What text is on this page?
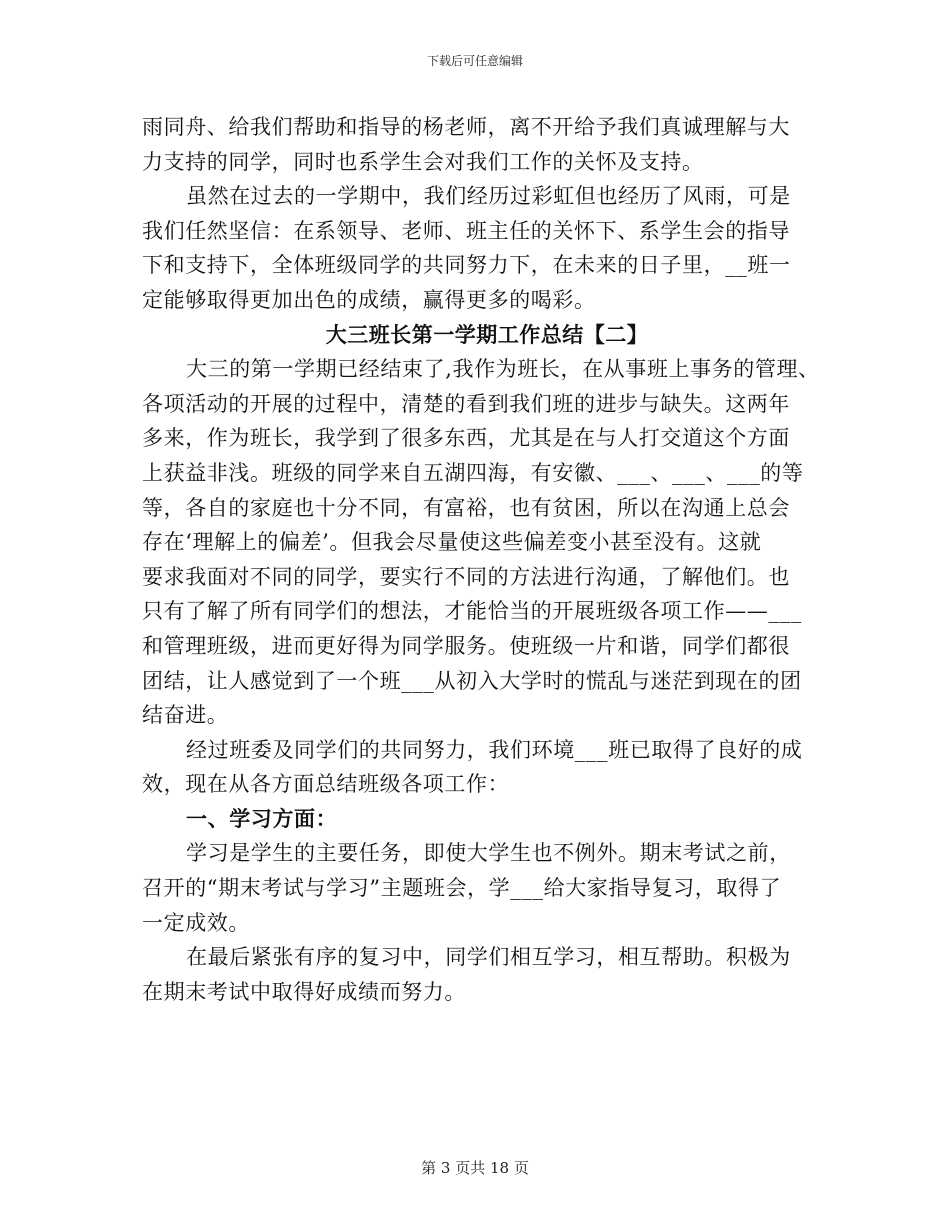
下载后可任意编辑
雨同舟、给我们帮助和指导的杨老师，离不开给予我们真诚理解与大
力支持的同学，同时也系学生会对我们工作的关怀及支持。
虽然在过去的一学期中，我们经历过彩虹但也经历了风雨，可是
我们任然坚信：在系领导、老师、班主任的关怀下、系学生会的指导
下和支持下，全体班级同学的共同努力下，在未来的日子里，__班一
定能够取得更加出色的成绩，赢得更多的喝彩。
大三班长第一学期工作总结【二】
大三的第一学期已经结束了,我作为班长，在从事班上事务的管理、
各项活动的开展的过程中，清楚的看到我们班的进步与缺失。这两年
多来，作为班长，我学到了很多东西，尤其是在与人打交道这个方面
上获益非浅。班级的同学来自五湖四海，有安徽、___、___、___的等
等，各自的家庭也十分不同，有富裕，也有贫困，所以在沟通上总会
存在‘理解上的偏差’。但我会尽量使这些偏差变小甚至没有。这就
要求我面对不同的同学，要实行不同的方法进行沟通，了解他们。也
只有了解了所有同学们的想法，才能恰当的开展班级各项工作——___
和管理班级，进而更好得为同学服务。使班级一片和谐，同学们都很
团结，让人感觉到了一个班___从初入大学时的慌乱与迷茫到现在的团
结奋进。
经过班委及同学们的共同努力，我们环境___班已取得了良好的成
效，现在从各方面总结班级各项工作：
一、学习方面：
学习是学生的主要任务，即使大学生也不例外。期末考试之前，
召开的“期末考试与学习”主题班会，学___给大家指导复习，取得了
一定成效。
在最后紧张有序的复习中，同学们相互学习，相互帮助。积极为
在期末考试中取得好成绩而努力。
第 3 页共 18 页
